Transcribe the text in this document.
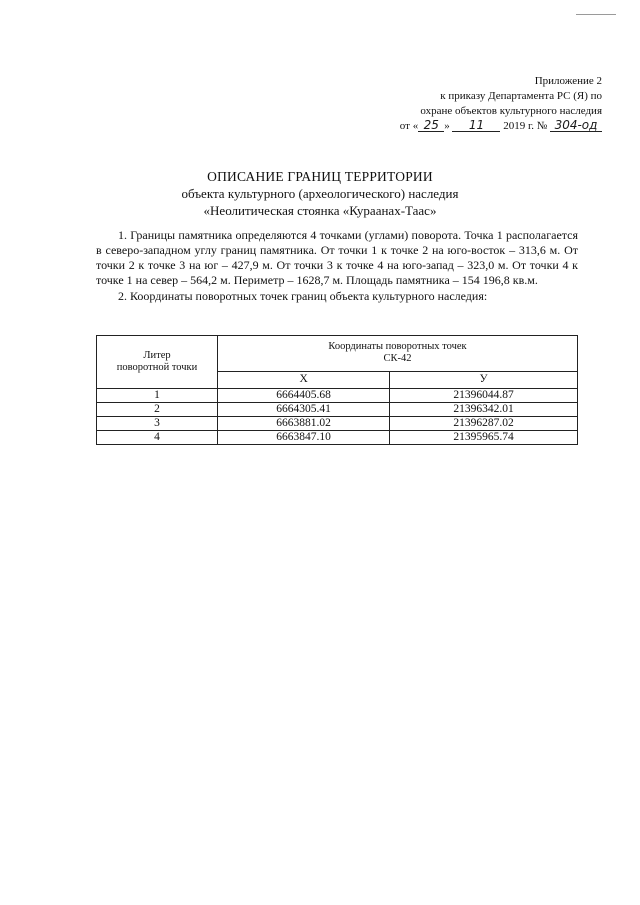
Приложение 2
к приказу Департамента РС (Я) по
охране объектов культурного наследия
от « 25 » 11 2019 г. № 304-од
ОПИСАНИЕ ГРАНИЦ ТЕРРИТОРИИ
объекта культурного (археологического) наследия
«Неолитическая стоянка «Кураанах-Таас»

1. Границы памятника определяются 4 точками (углами) поворота. Точка 1 располагается в северо-западном углу границ памятника. От точки 1 к точке 2 на юго-восток – 313,6 м. От точки 2 к точке 3 на юг – 427,9 м. От точки 3 к точке 4 на юго-запад – 323,0 м. От точки 4 к точке 1 на север – 564,2 м. Периметр – 1628,7 м. Площадь памятника – 154 196,8 кв.м.

2. Координаты поворотных точек границ объекта культурного наследия:

Литер
поворотной точки	Координаты поворотных точек
СК-42	
	X	У
1	6664405.68	21396044.87
2	6664305.41	21396342.01
3	6663881.02	21396287.02
4	6663847.10	21395965.74
